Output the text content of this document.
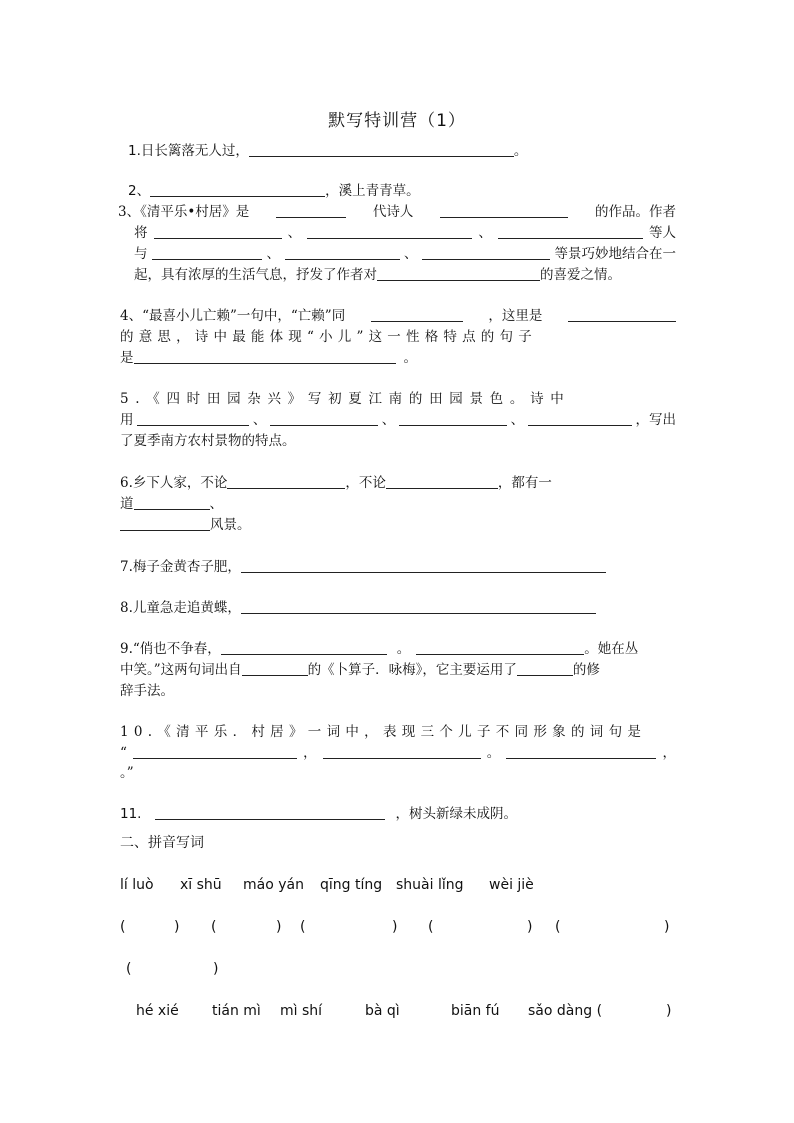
默写特训营（1）
1.日长篱落无人过，	。
2、	，溪上青青草。
3、《清平乐•村居》是	代诗人	的作品。作者
将	、	、	等人
与	、	、	等景巧妙地结合在一
起，具有浓厚的生活气息，抒发了作者对	的喜爱之情。
4、“最喜小儿亡赖”一句中，“亡赖”同	，这里是
的意思，诗中最能体现“小儿”这一性格特点的句子
是	。
5.《四时田园杂兴》写初夏江南的田园景色。诗中
用	、	、	、	，写出
了夏季南方农村景物的特点。
6.乡下人家，不论	，不论	，都有一
道	、
风景。
7.梅子金黄杏子肥，
8.儿童急走追黄蝶，
9.“俏也不争春，	。	。她在丛
中笑。”这两句词出自	的《卜算子．咏梅》，它主要运用了	的修
辞手法。
10.《清平乐．村居》一词中，表现三个儿子不同形象的词句是
“	，	。	，
。”
11.	，树头新绿未成阴。
二、拼音写词
lí luò xī shū máo yán qīng tíng shuài lǐng wèi jiè
(	) (	) (	) (	) (	)
(	)
hé xié tián mì mì shí	bà qì	biān fú sǎo dàng (	)
